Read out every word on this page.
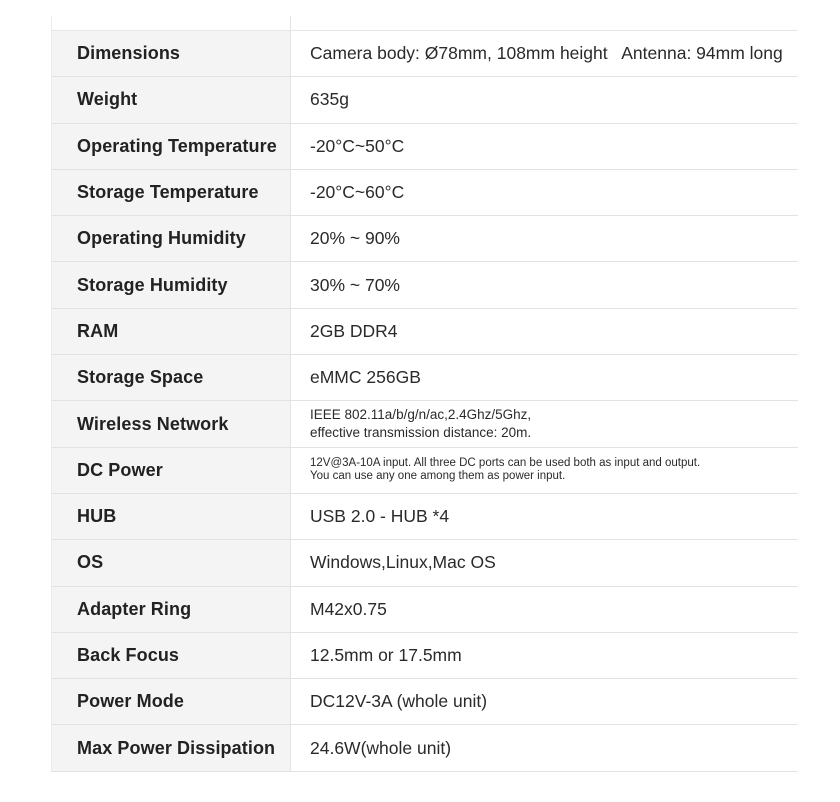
Dimensions	Camera body: Ø78mm, 108mm height   Antenna: 94mm long
Weight	635g
Operating Temperature	-20°C~50°C
Storage Temperature	-20°C~60°C
Operating Humidity	20% ~ 90%
Storage Humidity	30% ~ 70%
RAM	2GB DDR4
Storage Space	eMMC 256GB
Wireless Network	IEEE 802.11a/b/g/n/ac,2.4Ghz/5Ghz,
effective transmission distance: 20m.

DC Power	12V@3A-10A input. All three DC ports can be used both as input and output.
You can use any one among them as power input.

HUB	USB 2.0 - HUB *4
OS	Windows,Linux,Mac OS
Adapter Ring	M42x0.75
Back Focus	12.5mm or 17.5mm
Power Mode	DC12V-3A (whole unit)
Max Power Dissipation	24.6W(whole unit)
